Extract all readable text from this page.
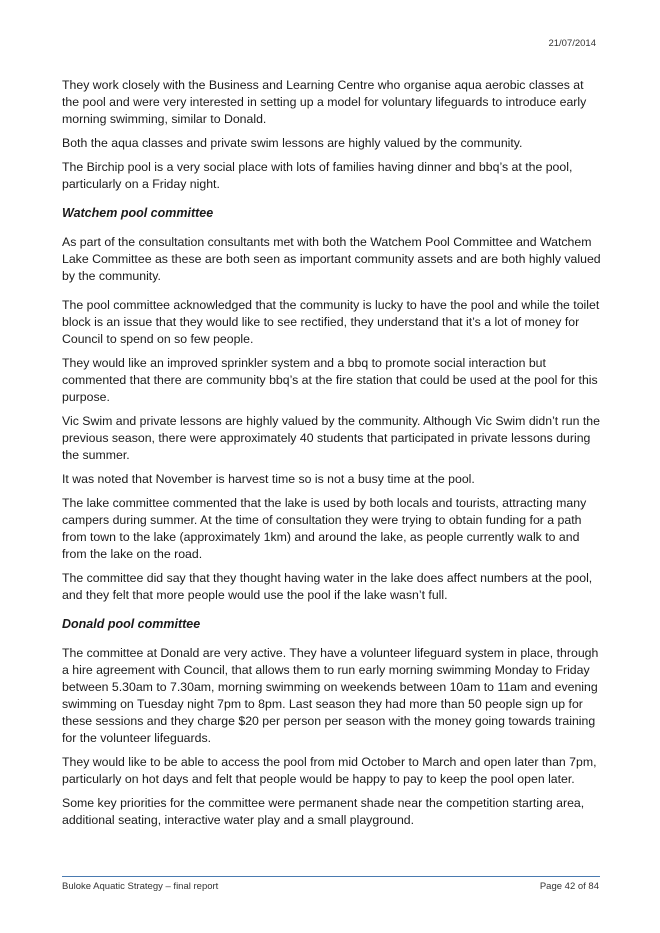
21/07/2014

They work closely with the Business and Learning Centre who organise aqua aerobic classes at the pool and were very interested in setting up a model for voluntary lifeguards to introduce early morning swimming, similar to Donald.

Both the aqua classes and private swim lessons are highly valued by the community.

The Birchip pool is a very social place with lots of families having dinner and bbq’s at the pool, particularly on a Friday night.

Watchem pool committee

As part of the consultation consultants met with both the Watchem Pool Committee and Watchem Lake Committee as these are both seen as important community assets and are both highly valued by the community.

The pool committee acknowledged that the community is lucky to have the pool and while the toilet block is an issue that they would like to see rectified, they understand that it’s a lot of money for Council to spend on so few people.

They would like an improved sprinkler system and a bbq to promote social interaction but commented that there are community bbq’s at the fire station that could be used at the pool for this purpose.

Vic Swim and private lessons are highly valued by the community. Although Vic Swim didn’t run the previous season, there were approximately 40 students that participated in private lessons during the summer.

It was noted that November is harvest time so is not a busy time at the pool.

The lake committee commented that the lake is used by both locals and tourists, attracting many campers during summer. At the time of consultation they were trying to obtain funding for a path from town to the lake (approximately 1km) and around the lake, as people currently walk to and from the lake on the road.

The committee did say that they thought having water in the lake does affect numbers at the pool, and they felt that more people would use the pool if the lake wasn’t full.

Donald pool committee

The committee at Donald are very active. They have a volunteer lifeguard system in place, through a hire agreement with Council, that allows them to run early morning swimming Monday to Friday between 5.30am to 7.30am, morning swimming on weekends between 10am to 11am and evening swimming on Tuesday night 7pm to 8pm. Last season they had more than 50 people sign up for these sessions and they charge $20 per person per season with the money going towards training for the volunteer lifeguards.

They would like to be able to access the pool from mid October to March and open later than 7pm, particularly on hot days and felt that people would be happy to pay to keep the pool open later.

Some key priorities for the committee were permanent shade near the competition starting area, additional seating, interactive water play and a small playground.

Buloke Aquatic Strategy – final report	Page 42 of 84
